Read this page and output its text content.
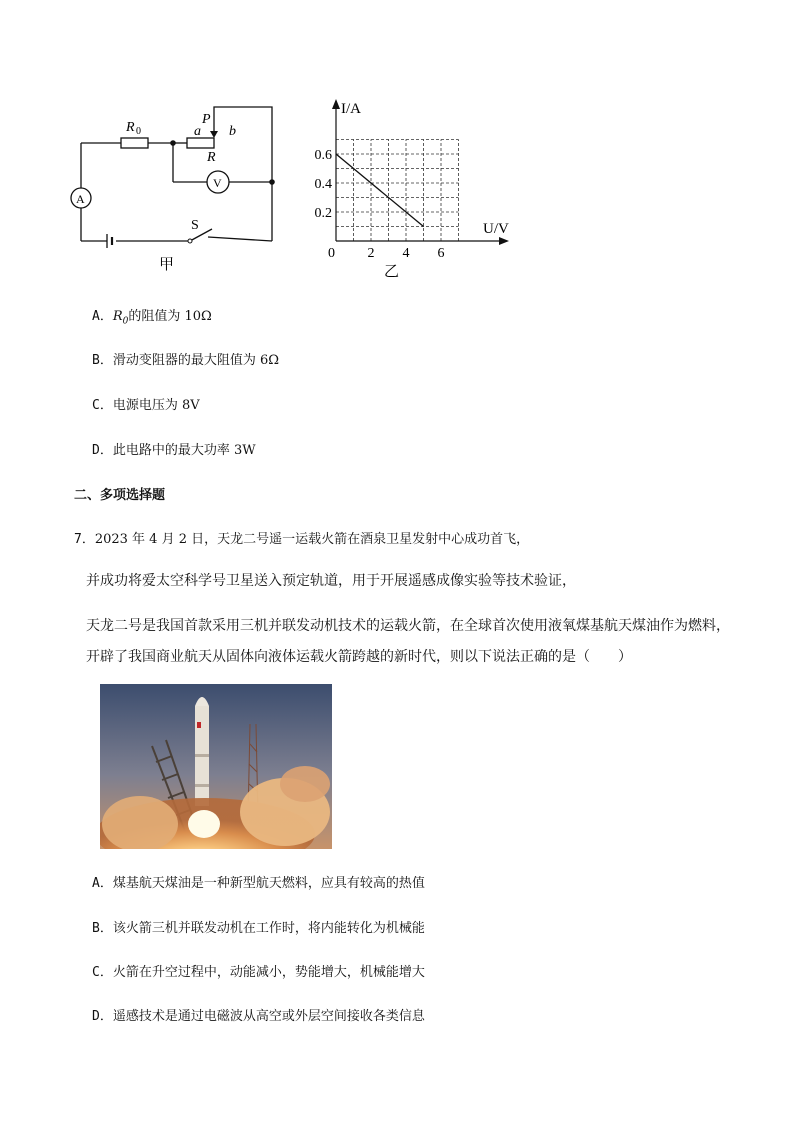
R 0	a
P
b
R
V
A
S
甲
0.2
0.4
0.6
2 4 6
I/A
U/V
0
乙
A．$R_0$的阻值为 10Ω
B．滑动变阻器的最大阻值为 6Ω
C．电源电压为 8V
D．此电路中的最大功率 3W
二、多项选择题
7．2023 年 4 月 2 日，天龙二号遥一运载火箭在酒泉卫星发射中心成功首飞，
并成功将爱太空科学号卫星送入预定轨道，用于开展遥感成像实验等技术验证，
天龙二号是我国首款采用三机并联发动机技术的运载火箭，在全球首次使用液氧煤基航天煤油作为燃料，
开辟了我国商业航天从固体向液体运载火箭跨越的新时代，则以下说法正确的是（　　）
A．煤基航天煤油是一种新型航天燃料，应具有较高的热值
B．该火箭三机并联发动机在工作时，将内能转化为机械能
C．火箭在升空过程中，动能减小，势能增大，机械能增大
D．遥感技术是通过电磁波从高空或外层空间接收各类信息
